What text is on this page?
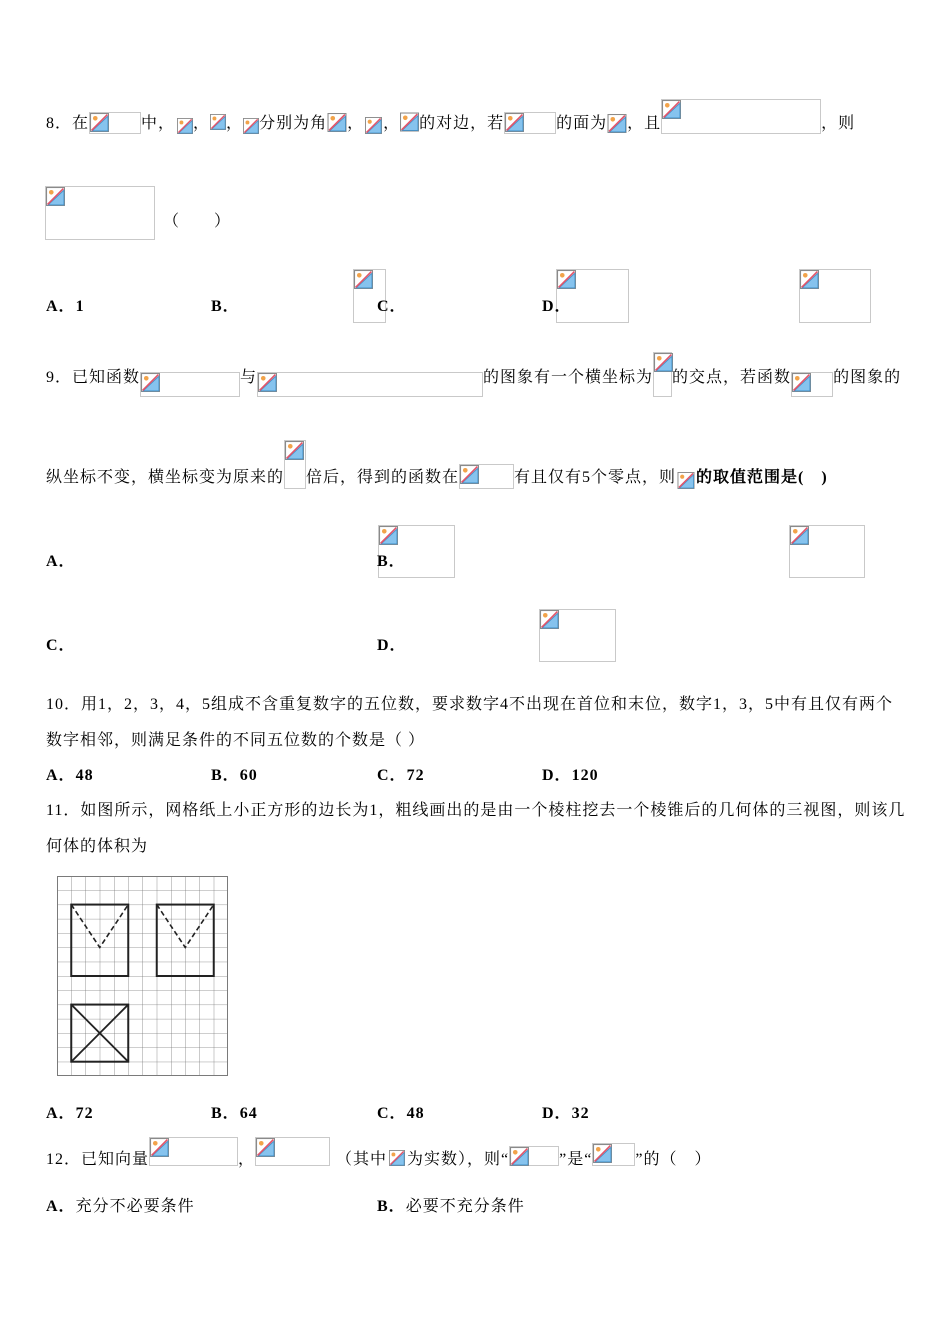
8．在	中， ， ， 分别为角 ， ， 的对边，若	的面为 ，且	，则

（　　）
A．1	B．
	C．
	D．

9．已知函数	与	的图象有一个横坐标为 的交点，若函数	的图象的
纵坐标不变，横坐标变为原来的 倍后，得到的函数在	有且仅有5个零点，则 的取值范围是(　)
A．
	B．

C．
	D．
10．用1，2，3，4，5组成不含重复数字的五位数，要求数字4不出现在首位和末位，数字1，3，5中有且仅有两个
数字相邻，则满足条件的不同五位数的个数是（ ）
A．48	B．60	C．72	D．120
11．如图所示，网格纸上小正方形的边长为1，粗线画出的是由一个棱柱挖去一个棱锥后的几何体的三视图，则该几
何体的体积为
A．72	B．64	C．48	D．32
12．已知向量	，	（其中 为实数），则“	”是“	”的（　）
A．充分不必要条件	B．必要不充分条件
